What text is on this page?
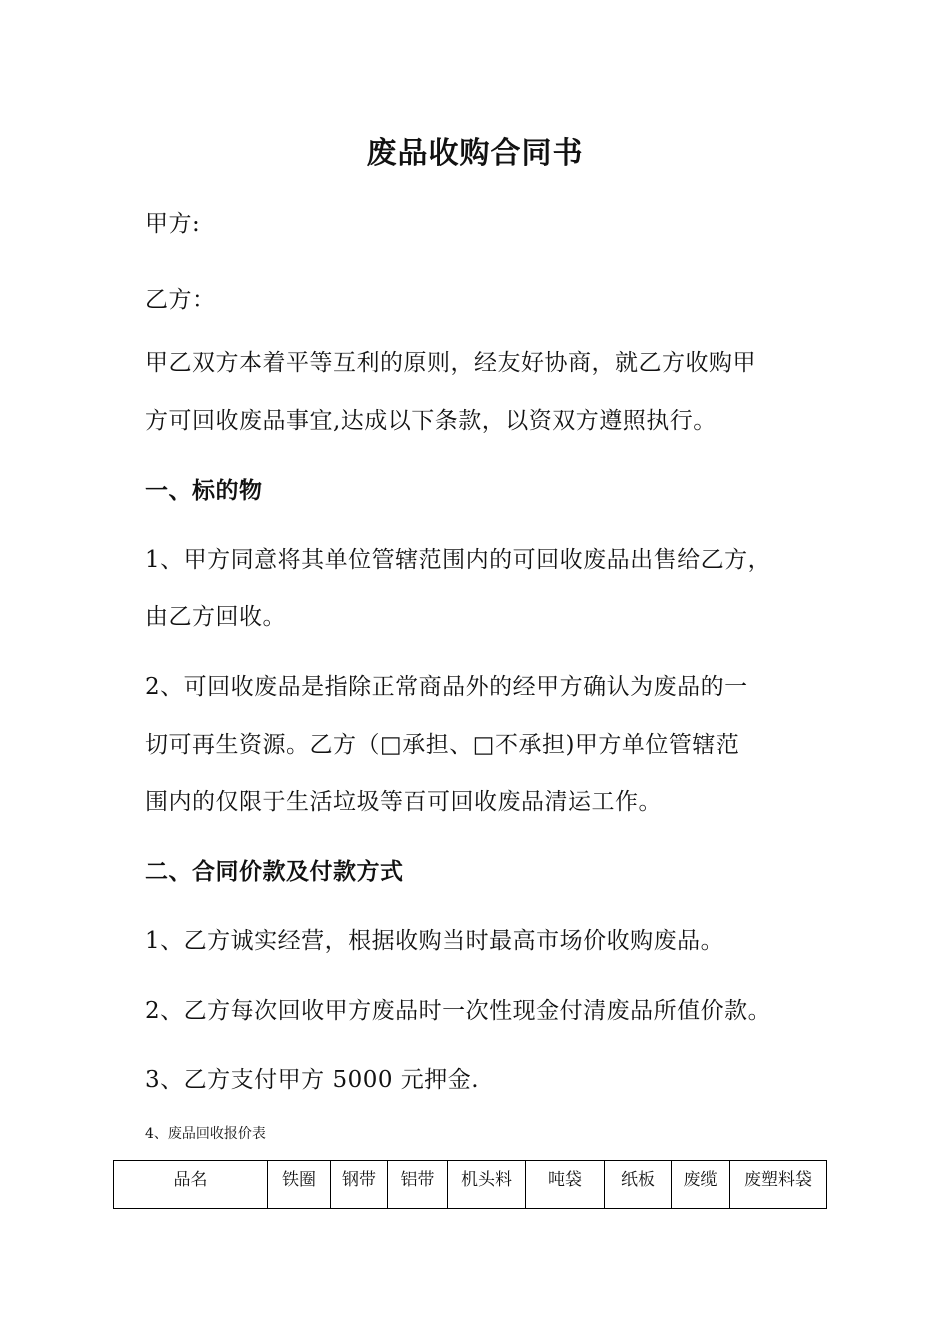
废品收购合同书
甲方:
乙方：
甲乙双方本着平等互利的原则，经友好协商，就乙方收购甲
方可回收废品事宜,达成以下条款，以资双方遵照执行。
一、标的物
1、甲方同意将其单位管辖范围内的可回收废品出售给乙方，
由乙方回收。
2、可回收废品是指除正常商品外的经甲方确认为废品的一
切可再生资源。乙方（□承担、□不承担)甲方单位管辖范
围内的仅限于生活垃圾等百可回收废品清运工作。
二、合同价款及付款方式
1、乙方诚实经营，根据收购当时最高市场价收购废品。
2、乙方每次回收甲方废品时一次性现金付清废品所值价款。
3、乙方支付甲方 5000 元押金.
4、废品回收报价表
品名	铁圈	钢带	铝带	机头料	吨袋	纸板	废缆	废塑料袋
